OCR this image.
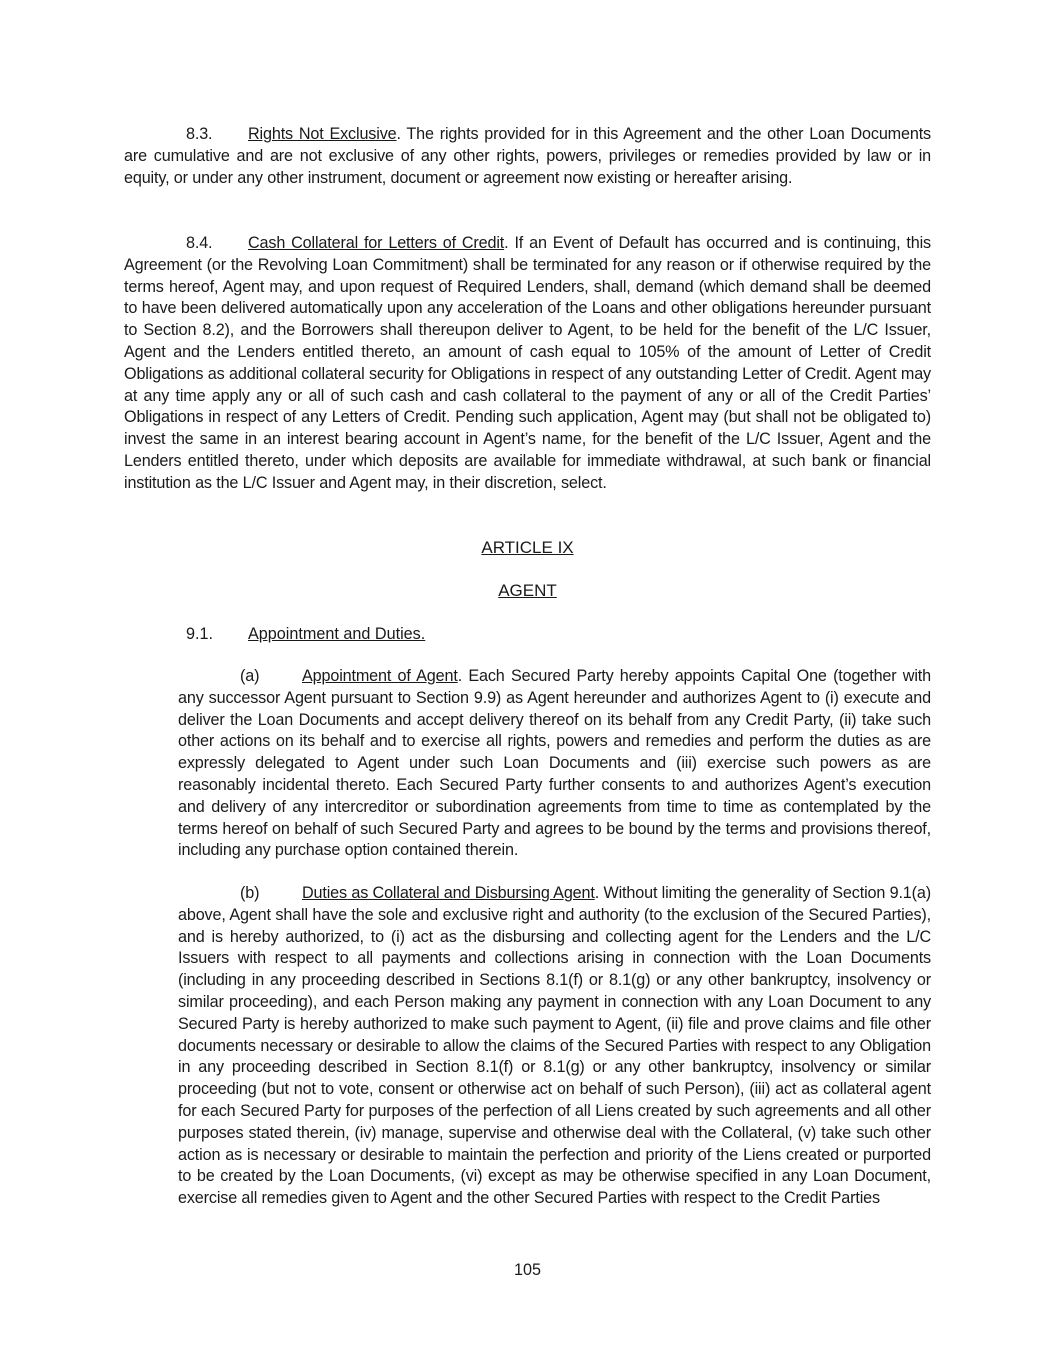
8.3. Rights Not Exclusive. The rights provided for in this Agreement and the other Loan Documents are cumulative and are not exclusive of any other rights, powers, privileges or remedies provided by law or in equity, or under any other instrument, document or agreement now existing or hereafter arising.

8.4. Cash Collateral for Letters of Credit. If an Event of Default has occurred and is continuing, this Agreement (or the Revolving Loan Commitment) shall be terminated for any reason or if otherwise required by the terms hereof, Agent may, and upon request of Required Lenders, shall, demand (which demand shall be deemed to have been delivered automatically upon any acceleration of the Loans and other obligations hereunder pursuant to Section 8.2), and the Borrowers shall thereupon deliver to Agent, to be held for the benefit of the L/C Issuer, Agent and the Lenders entitled thereto, an amount of cash equal to 105% of the amount of Letter of Credit Obligations as additional collateral security for Obligations in respect of any outstanding Letter of Credit. Agent may at any time apply any or all of such cash and cash collateral to the payment of any or all of the Credit Parties’ Obligations in respect of any Letters of Credit. Pending such application, Agent may (but shall not be obligated to) invest the same in an interest bearing account in Agent’s name, for the benefit of the L/C Issuer, Agent and the Lenders entitled thereto, under which deposits are available for immediate withdrawal, at such bank or financial institution as the L/C Issuer and Agent may, in their discretion, select.

ARTICLE IX

AGENT

9.1. Appointment and Duties.

(a)	Appointment of Agent. Each Secured Party hereby appoints Capital One (together with any successor Agent pursuant to Section 9.9) as Agent hereunder and authorizes Agent to (i) execute and deliver the Loan Documents and accept delivery thereof on its behalf from any Credit Party, (ii) take such other actions on its behalf and to exercise all rights, powers and remedies and perform the duties as are expressly delegated to Agent under such Loan Documents and (iii) exercise such powers as are reasonably incidental thereto. Each Secured Party further consents to and authorizes Agent’s execution and delivery of any intercreditor or subordination agreements from time to time as contemplated by the terms hereof on behalf of such Secured Party and agrees to be bound by the terms and provisions thereof, including any purchase option contained therein.

(b)	Duties as Collateral and Disbursing Agent. Without limiting the generality of Section 9.1(a) above, Agent shall have the sole and exclusive right and authority (to the exclusion of the Secured Parties), and is hereby authorized, to (i) act as the disbursing and collecting agent for the Lenders and the L/C Issuers with respect to all payments and collections arising in connection with the Loan Documents (including in any proceeding described in Sections 8.1(f) or 8.1(g) or any other bankruptcy, insolvency or similar proceeding), and each Person making any payment in connection with any Loan Document to any Secured Party is hereby authorized to make such payment to Agent, (ii) file and prove claims and file other documents necessary or desirable to allow the claims of the Secured Parties with respect to any Obligation in any proceeding described in Section 8.1(f) or 8.1(g) or any other bankruptcy, insolvency or similar proceeding (but not to vote, consent or otherwise act on behalf of such Person), (iii) act as collateral agent for each Secured Party for purposes of the perfection of all Liens created by such agreements and all other purposes stated therein, (iv) manage, supervise and otherwise deal with the Collateral, (v) take such other action as is necessary or desirable to maintain the perfection and priority of the Liens created or purported to be created by the Loan Documents, (vi) except as may be otherwise specified in any Loan Document, exercise all remedies given to Agent and the other Secured Parties with respect to the Credit Parties

105
